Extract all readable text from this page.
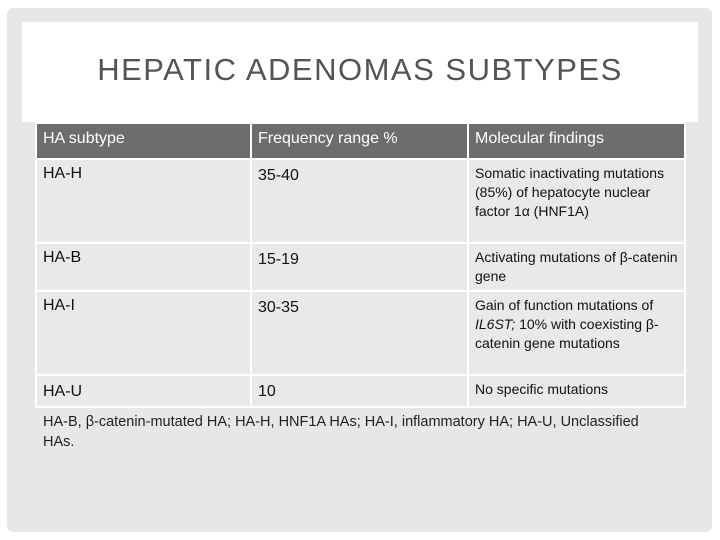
HEPATIC ADENOMAS SUBTYPES
HA subtype	Frequency range %	Molecular findings
HA-H	35-40	Somatic inactivating mutations (85%) of hepatocyte nuclear factor 1α (HNF1A)
HA-B	15-19	Activating mutations of β-catenin gene
HA-I	30-35	Gain of function mutations of IL6ST; 10% with coexisting β-catenin gene mutations
HA-U	10	No specific mutations

HA-B, β-catenin-mutated HA; HA-H, HNF1A HAs; HA-I, inflammatory HA; HA-U, Unclassified HAs.
